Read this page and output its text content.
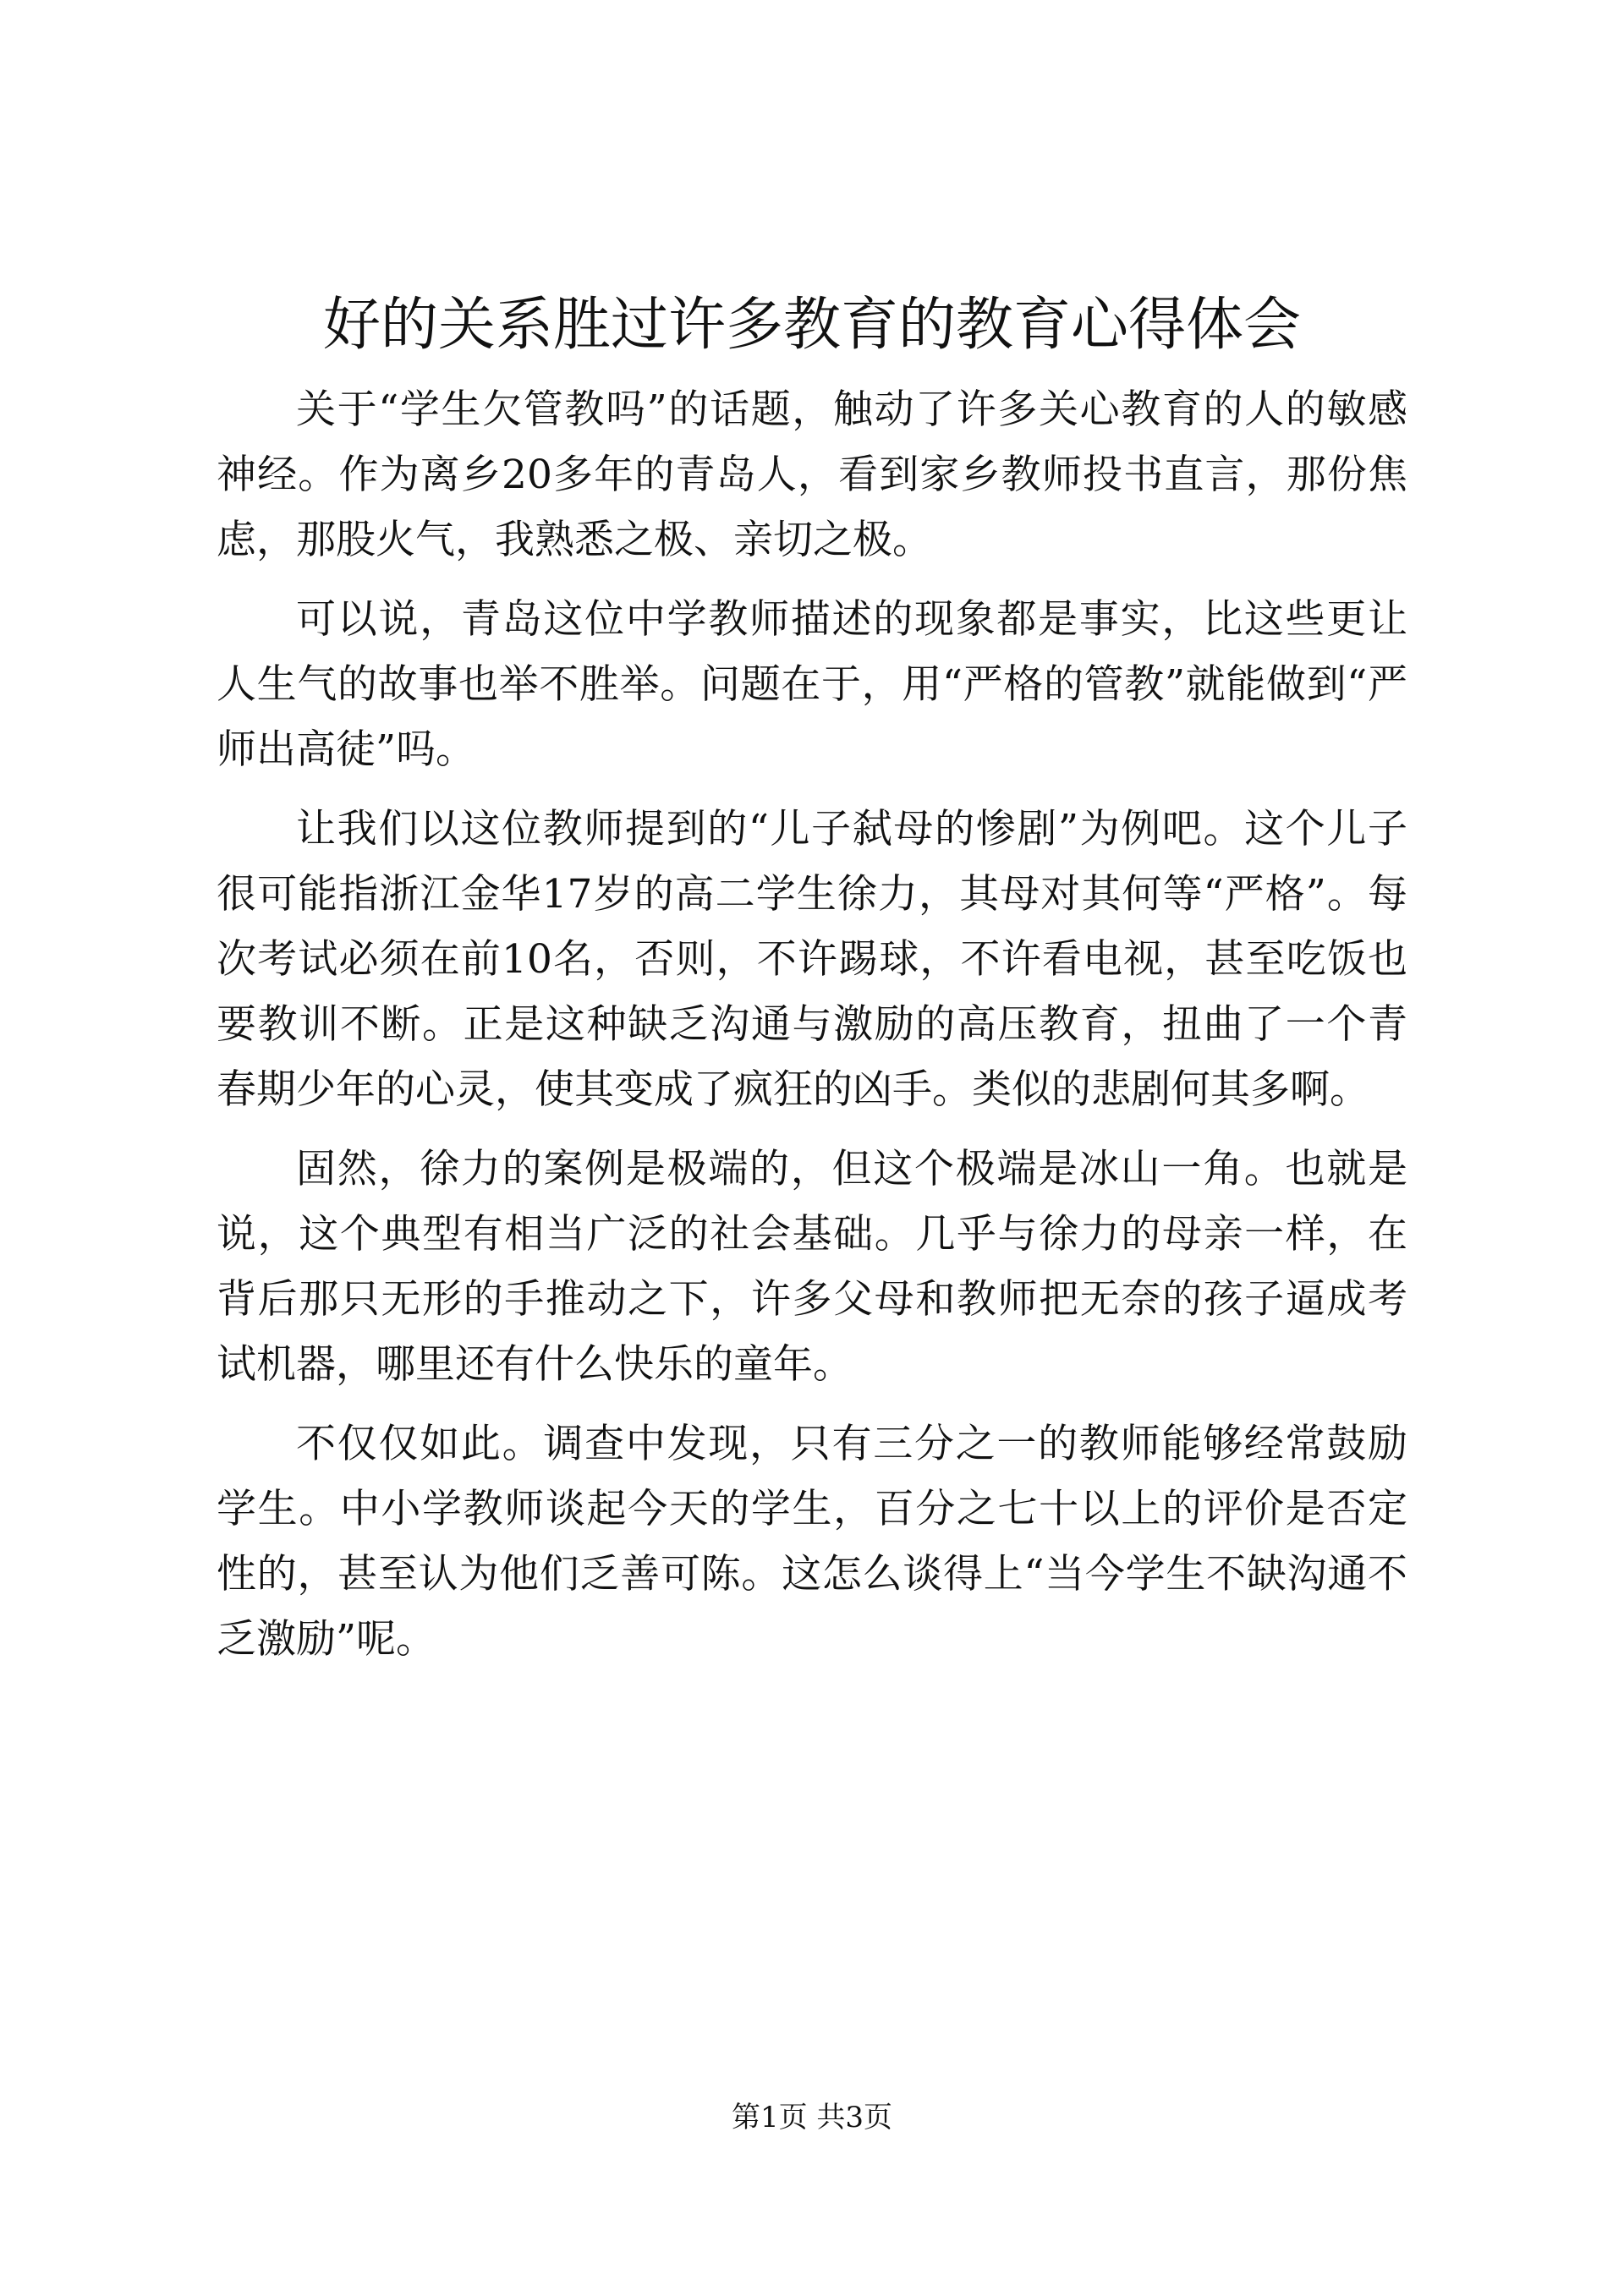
好的关系胜过许多教育的教育心得体会

关于“学生欠管教吗”的话题，触动了许多关心教育的人的敏感神经。作为离乡20多年的青岛人，看到家乡教师投书直言，那份焦虑，那股火气，我熟悉之极、亲切之极。

可以说，青岛这位中学教师描述的现象都是事实，比这些更让人生气的故事也举不胜举。问题在于，用“严格的管教”就能做到“严师出高徒”吗。

让我们以这位教师提到的“儿子弑母的惨剧”为例吧。这个儿子很可能指浙江金华17岁的高二学生徐力，其母对其何等“严格”。每次考试必须在前10名，否则，不许踢球，不许看电视，甚至吃饭也要教训不断。正是这种缺乏沟通与激励的高压教育，扭曲了一个青春期少年的心灵，使其变成了疯狂的凶手。类似的悲剧何其多啊。

固然，徐力的案例是极端的，但这个极端是冰山一角。也就是说，这个典型有相当广泛的社会基础。几乎与徐力的母亲一样，在背后那只无形的手推动之下，许多父母和教师把无奈的孩子逼成考试机器，哪里还有什么快乐的童年。

不仅仅如此。调查中发现，只有三分之一的教师能够经常鼓励学生。中小学教师谈起今天的学生，百分之七十以上的评价是否定性的，甚至认为他们乏善可陈。这怎么谈得上“当今学生不缺沟通不乏激励”呢。

第1页 共3页
